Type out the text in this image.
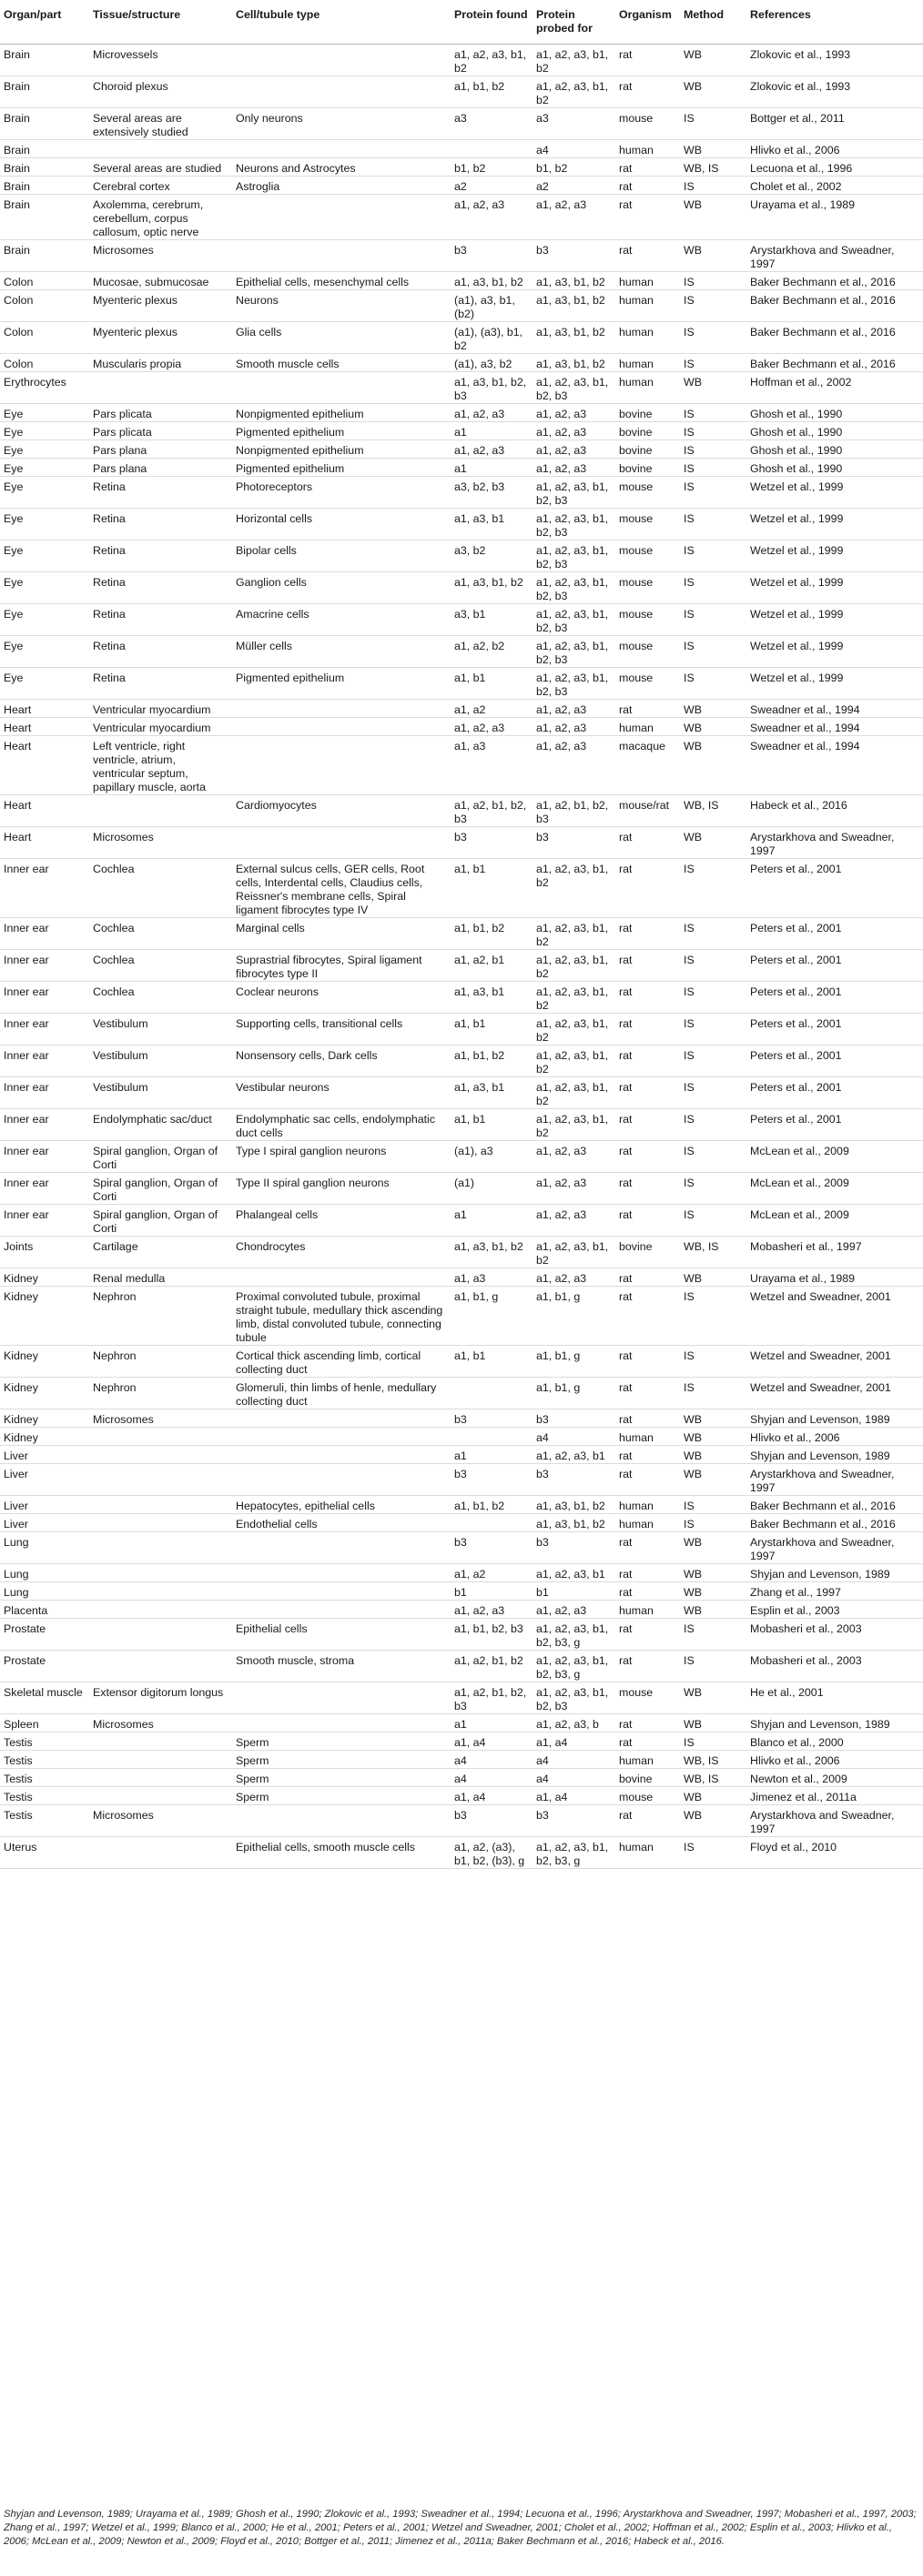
Organ/part	Tissue/structure	Cell/tubule type	Protein found	Protein probed for	Organism	Method	References
Brain	Microvessels		a1, a2, a3, b1, b2	a1, a2, a3, b1, b2	rat	WB	Zlokovic et al., 1993
Brain	Choroid plexus		a1, b1, b2	a1, a2, a3, b1, b2	rat	WB	Zlokovic et al., 1993
Brain	Several areas are extensively studied	Only neurons	a3	a3	mouse	IS	Bottger et al., 2011
Brain				a4	human	WB	Hlivko et al., 2006
Brain	Several areas are studied	Neurons and Astrocytes	b1, b2	b1, b2	rat	WB, IS	Lecuona et al., 1996
Brain	Cerebral cortex	Astroglia	a2	a2	rat	IS	Cholet et al., 2002
Brain	Axolemma, cerebrum, cerebellum, corpus callosum, optic nerve		a1, a2, a3	a1, a2, a3	rat	WB	Urayama et al., 1989
Brain	Microsomes		b3	b3	rat	WB	Arystarkhova and Sweadner, 1997
Colon	Mucosae, submucosae	Epithelial cells, mesenchymal cells	a1, a3, b1, b2	a1, a3, b1, b2	human	IS	Baker Bechmann et al., 2016
Colon	Myenteric plexus	Neurons	(a1), a3, b1, (b2)	a1, a3, b1, b2	human	IS	Baker Bechmann et al., 2016
Colon	Myenteric plexus	Glia cells	(a1), (a3), b1, b2	a1, a3, b1, b2	human	IS	Baker Bechmann et al., 2016
Colon	Muscularis propia	Smooth muscle cells	(a1), a3, b2	a1, a3, b1, b2	human	IS	Baker Bechmann et al., 2016
Erythrocytes			a1, a3, b1, b2, b3	a1, a2, a3, b1, b2, b3	human	WB	Hoffman et al., 2002
Eye	Pars plicata	Nonpigmented epithelium	a1, a2, a3	a1, a2, a3	bovine	IS	Ghosh et al., 1990
Eye	Pars plicata	Pigmented epithelium	a1	a1, a2, a3	bovine	IS	Ghosh et al., 1990
Eye	Pars plana	Nonpigmented epithelium	a1, a2, a3	a1, a2, a3	bovine	IS	Ghosh et al., 1990
Eye	Pars plana	Pigmented epithelium	a1	a1, a2, a3	bovine	IS	Ghosh et al., 1990
Eye	Retina	Photoreceptors	a3, b2, b3	a1, a2, a3, b1, b2, b3	mouse	IS	Wetzel et al., 1999
Eye	Retina	Horizontal cells	a1, a3, b1	a1, a2, a3, b1, b2, b3	mouse	IS	Wetzel et al., 1999
Eye	Retina	Bipolar cells	a3, b2	a1, a2, a3, b1, b2, b3	mouse	IS	Wetzel et al., 1999
Eye	Retina	Ganglion cells	a1, a3, b1, b2	a1, a2, a3, b1, b2, b3	mouse	IS	Wetzel et al., 1999
Eye	Retina	Amacrine cells	a3, b1	a1, a2, a3, b1, b2, b3	mouse	IS	Wetzel et al., 1999
Eye	Retina	Müller cells	a1, a2, b2	a1, a2, a3, b1, b2, b3	mouse	IS	Wetzel et al., 1999
Eye	Retina	Pigmented epithelium	a1, b1	a1, a2, a3, b1, b2, b3	mouse	IS	Wetzel et al., 1999
Heart	Ventricular myocardium		a1, a2	a1, a2, a3	rat	WB	Sweadner et al., 1994
Heart	Ventricular myocardium		a1, a2, a3	a1, a2, a3	human	WB	Sweadner et al., 1994
Heart	Left ventricle, right ventricle, atrium, ventricular septum, papillary muscle, aorta		a1, a3	a1, a2, a3	macaque	WB	Sweadner et al., 1994
Heart		Cardiomyocytes	a1, a2, b1, b2, b3	a1, a2, b1, b2, b3	mouse/rat	WB, IS	Habeck et al., 2016
Heart	Microsomes		b3	b3	rat	WB	Arystarkhova and Sweadner, 1997
Inner ear	Cochlea	External sulcus cells, GER cells, Root cells, Interdental cells, Claudius cells, Reissner's membrane cells, Spiral ligament fibrocytes type IV	a1, b1	a1, a2, a3, b1, b2	rat	IS	Peters et al., 2001
Inner ear	Cochlea	Marginal cells	a1, b1, b2	a1, a2, a3, b1, b2	rat	IS	Peters et al., 2001
Inner ear	Cochlea	Suprastrial fibrocytes, Spiral ligament fibrocytes type II	a1, a2, b1	a1, a2, a3, b1, b2	rat	IS	Peters et al., 2001
Inner ear	Cochlea	Coclear neurons	a1, a3, b1	a1, a2, a3, b1, b2	rat	IS	Peters et al., 2001
Inner ear	Vestibulum	Supporting cells, transitional cells	a1, b1	a1, a2, a3, b1, b2	rat	IS	Peters et al., 2001
Inner ear	Vestibulum	Nonsensory cells, Dark cells	a1, b1, b2	a1, a2, a3, b1, b2	rat	IS	Peters et al., 2001
Inner ear	Vestibulum	Vestibular neurons	a1, a3, b1	a1, a2, a3, b1, b2	rat	IS	Peters et al., 2001
Inner ear	Endolymphatic sac/duct	Endolymphatic sac cells, endolymphatic duct cells	a1, b1	a1, a2, a3, b1, b2	rat	IS	Peters et al., 2001
Inner ear	Spiral ganglion, Organ of Corti	Type I spiral ganglion neurons	(a1), a3	a1, a2, a3	rat	IS	McLean et al., 2009
Inner ear	Spiral ganglion, Organ of Corti	Type II spiral ganglion neurons	(a1)	a1, a2, a3	rat	IS	McLean et al., 2009
Inner ear	Spiral ganglion, Organ of Corti	Phalangeal cells	a1	a1, a2, a3	rat	IS	McLean et al., 2009
Joints	Cartilage	Chondrocytes	a1, a3, b1, b2	a1, a2, a3, b1, b2	bovine	WB, IS	Mobasheri et al., 1997
Kidney	Renal medulla		a1, a3	a1, a2, a3	rat	WB	Urayama et al., 1989
Kidney	Nephron	Proximal convoluted tubule, proximal straight tubule, medullary thick ascending limb, distal convoluted tubule, connecting tubule	a1, b1, g	a1, b1, g	rat	IS	Wetzel and Sweadner, 2001
Kidney	Nephron	Cortical thick ascending limb, cortical collecting duct	a1, b1	a1, b1, g	rat	IS	Wetzel and Sweadner, 2001
Kidney	Nephron	Glomeruli, thin limbs of henle, medullary collecting duct		a1, b1, g	rat	IS	Wetzel and Sweadner, 2001
Kidney	Microsomes		b3	b3	rat	WB	Shyjan and Levenson, 1989
Kidney				a4	human	WB	Hlivko et al., 2006
Liver			a1	a1, a2, a3, b1	rat	WB	Shyjan and Levenson, 1989
Liver			b3	b3	rat	WB	Arystarkhova and Sweadner, 1997
Liver		Hepatocytes, epithelial cells	a1, b1, b2	a1, a3, b1, b2	human	IS	Baker Bechmann et al., 2016
Liver		Endothelial cells		a1, a3, b1, b2	human	IS	Baker Bechmann et al., 2016
Lung			b3	b3	rat	WB	Arystarkhova and Sweadner, 1997
Lung			a1, a2	a1, a2, a3, b1	rat	WB	Shyjan and Levenson, 1989
Lung			b1	b1	rat	WB	Zhang et al., 1997
Placenta			a1, a2, a3	a1, a2, a3	human	WB	Esplin et al., 2003
Prostate		Epithelial cells	a1, b1, b2, b3	a1, a2, a3, b1, b2, b3, g	rat	IS	Mobasheri et al., 2003
Prostate		Smooth muscle, stroma	a1, a2, b1, b2	a1, a2, a3, b1, b2, b3, g	rat	IS	Mobasheri et al., 2003
Skeletal muscle	Extensor digitorum longus		a1, a2, b1, b2, b3	a1, a2, a3, b1, b2, b3	mouse	WB	He et al., 2001
Spleen	Microsomes		a1	a1, a2, a3, b	rat	WB	Shyjan and Levenson, 1989
Testis		Sperm	a1, a4	a1, a4	rat	IS	Blanco et al., 2000
Testis		Sperm	a4	a4	human	WB, IS	Hlivko et al., 2006
Testis		Sperm	a4	a4	bovine	WB, IS	Newton et al., 2009
Testis		Sperm	a1, a4	a1, a4	mouse	WB	Jimenez et al., 2011a
Testis	Microsomes		b3	b3	rat	WB	Arystarkhova and Sweadner, 1997
Uterus		Epithelial cells, smooth muscle cells	a1, a2, (a3), b1, b2, (b3), g	a1, a2, a3, b1, b2, b3, g	human	IS	Floyd et al., 2010
Shyjan and Levenson, 1989; Urayama et al., 1989; Ghosh et al., 1990; Zlokovic et al., 1993; Sweadner et al., 1994; Lecuona et al., 1996; Arystarkhova and Sweadner, 1997; Mobasheri et al., 1997, 2003; Zhang et al., 1997; Wetzel et al., 1999; Blanco et al., 2000; He et al., 2001; Peters et al., 2001; Wetzel and Sweadner, 2001; Cholet et al., 2002; Hoffman et al., 2002; Esplin et al., 2003; Hlivko et al., 2006; McLean et al., 2009; Newton et al., 2009; Floyd et al., 2010; Bottger et al., 2011; Jimenez et al., 2011a; Baker Bechmann et al., 2016; Habeck et al., 2016.
